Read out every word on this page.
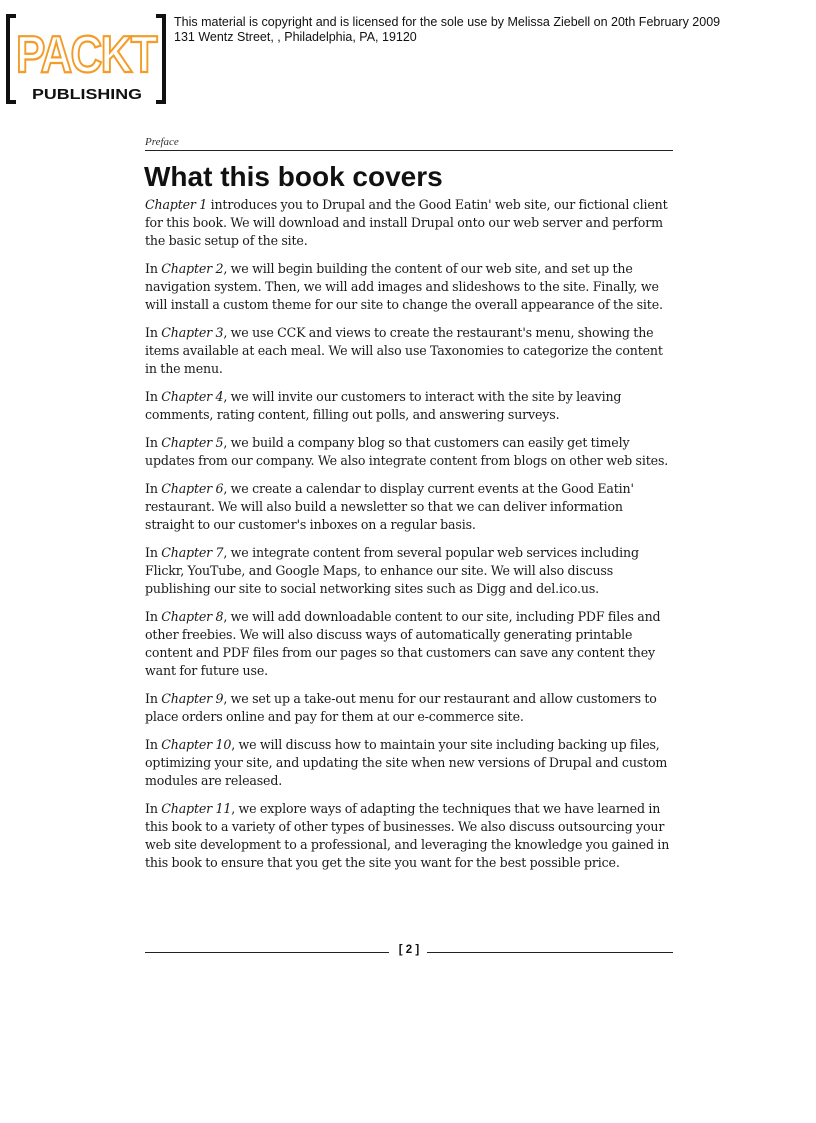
PACKT
PUBLISHING
This material is copyright and is licensed for the sole use by Melissa Ziebell on 20th February 2009
131 Wentz Street, , Philadelphia, PA, 19120
Preface
What this book covers

Chapter 1 introduces you to Drupal and the Good Eatin' web site, our fictional client for this book. We will download and install Drupal onto our web server and perform the basic setup of the site.

In Chapter 2, we will begin building the content of our web site, and set up the navigation system. Then, we will add images and slideshows to the site. Finally, we will install a custom theme for our site to change the overall appearance of the site.

In Chapter 3, we use CCK and views to create the restaurant's menu, showing the items available at each meal. We will also use Taxonomies to categorize the content in the menu.

In Chapter 4, we will invite our customers to interact with the site by leaving comments, rating content, filling out polls, and answering surveys.

In Chapter 5, we build a company blog so that customers can easily get timely updates from our company. We also integrate content from blogs on other web sites.

In Chapter 6, we create a calendar to display current events at the Good Eatin' restaurant. We will also build a newsletter so that we can deliver information straight to our customer's inboxes on a regular basis.

In Chapter 7, we integrate content from several popular web services including Flickr, YouTube, and Google Maps, to enhance our site. We will also discuss publishing our site to social networking sites such as Digg and del.ico.us.

In Chapter 8, we will add downloadable content to our site, including PDF files and other freebies. We will also discuss ways of automatically generating printable content and PDF files from our pages so that customers can save any content they want for future use.

In Chapter 9, we set up a take-out menu for our restaurant and allow customers to place orders online and pay for them at our e-commerce site.

In Chapter 10, we will discuss how to maintain your site including backing up files, optimizing your site, and updating the site when new versions of Drupal and custom modules are released.

In Chapter 11, we explore ways of adapting the techniques that we have learned in this book to a variety of other types of businesses. We also discuss outsourcing your web site development to a professional, and leveraging the knowledge you gained in this book to ensure that you get the site you want for the best possible price.

[ 2 ]
